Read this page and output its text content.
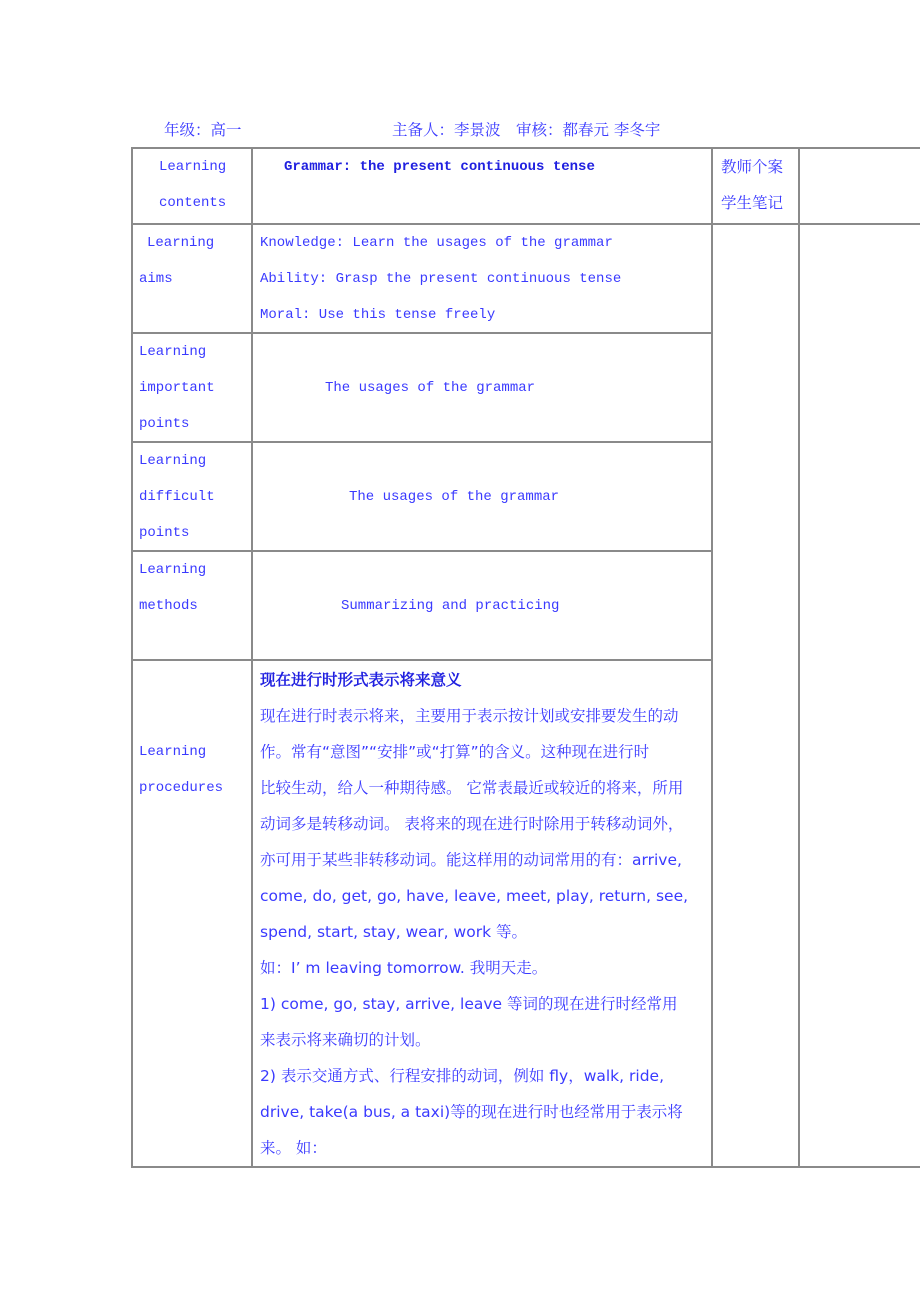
年级：高一	主备人：李景波　审核：都春元 李冬宇
Learning
contents
Learning
aims
Learning
important
points
Learning
difficult
points
Learning
methods
Learning
procedures
Grammar: the present continuous tense
Knowledge: Learn the usages of the grammar
Ability: Grasp the present continuous tense
Moral: Use this tense freely
The usages of the grammar
The usages of the grammar
Summarizing and practicing
教师个案
学生笔记
现在进行时形式表示将来意义
现在进行时表示将来，主要用于表示按计划或安排要发生的动
作。常有“意图”“安排”或“打算”的含义。这种现在进行时
比较生动，给人一种期待感。 它常表最近或较近的将来，所用
动词多是转移动词。 表将来的现在进行时除用于转移动词外，
亦可用于某些非转移动词。能这样用的动词常用的有：arrive,
come, do, get, go, have, leave, meet, play, return, see,
spend, start, stay, wear, work 等。
如：I’ m leaving tomorrow. 我明天走。
1) come, go, stay, arrive, leave 等词的现在进行时经常用
来表示将来确切的计划。
2) 表示交通方式、行程安排的动词，例如 fly，walk, ride,
drive, take(a bus, a taxi)等的现在进行时也经常用于表示将
来。 如：
